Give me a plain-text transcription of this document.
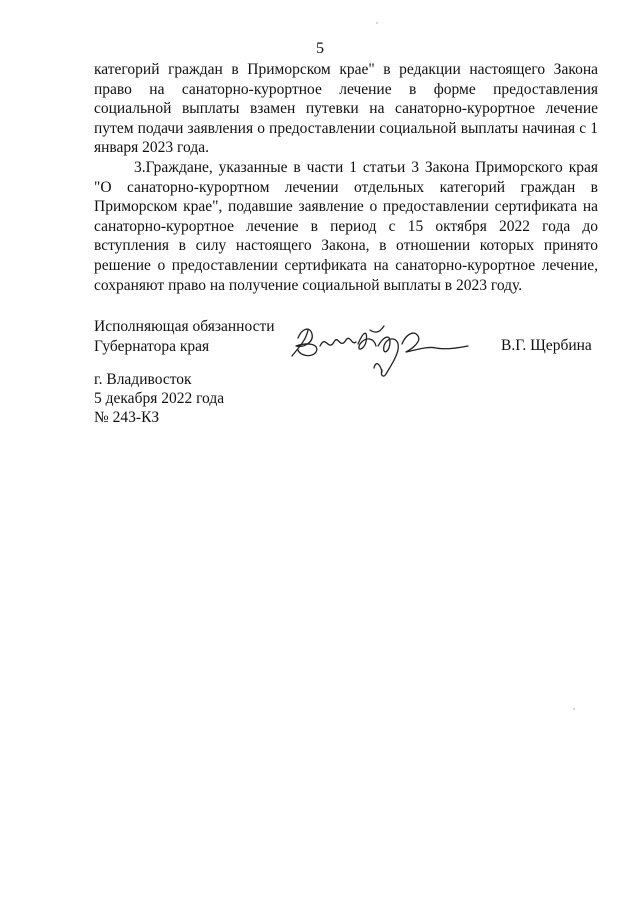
5

категорий граждан в Приморском крае" в редакции настоящего Закона право на санаторно-курортное лечение в форме предоставления социальной выплаты взамен путевки на санаторно-курортное лечение путем подачи заявления о предоставлении социальной выплаты начиная с 1 января 2023 года.

3.Граждане, указанные в части 1 статьи 3 Закона Приморского края "О санаторно-курортном лечении отдельных категорий граждан в Приморском крае", подавшие заявление о предоставлении сертификата на санаторно-курортное лечение в период с 15 октября 2022 года до вступления в силу настоящего Закона, в отношении которых принято решение о предоставлении сертификата на санаторно-курортное лечение, сохраняют право на получение социальной выплаты в 2023 году.

Исполняющая обязанности
Губернатора края	В.Г. Щербина
г. Владивосток
5 декабря 2022 года
№ 243-КЗ
